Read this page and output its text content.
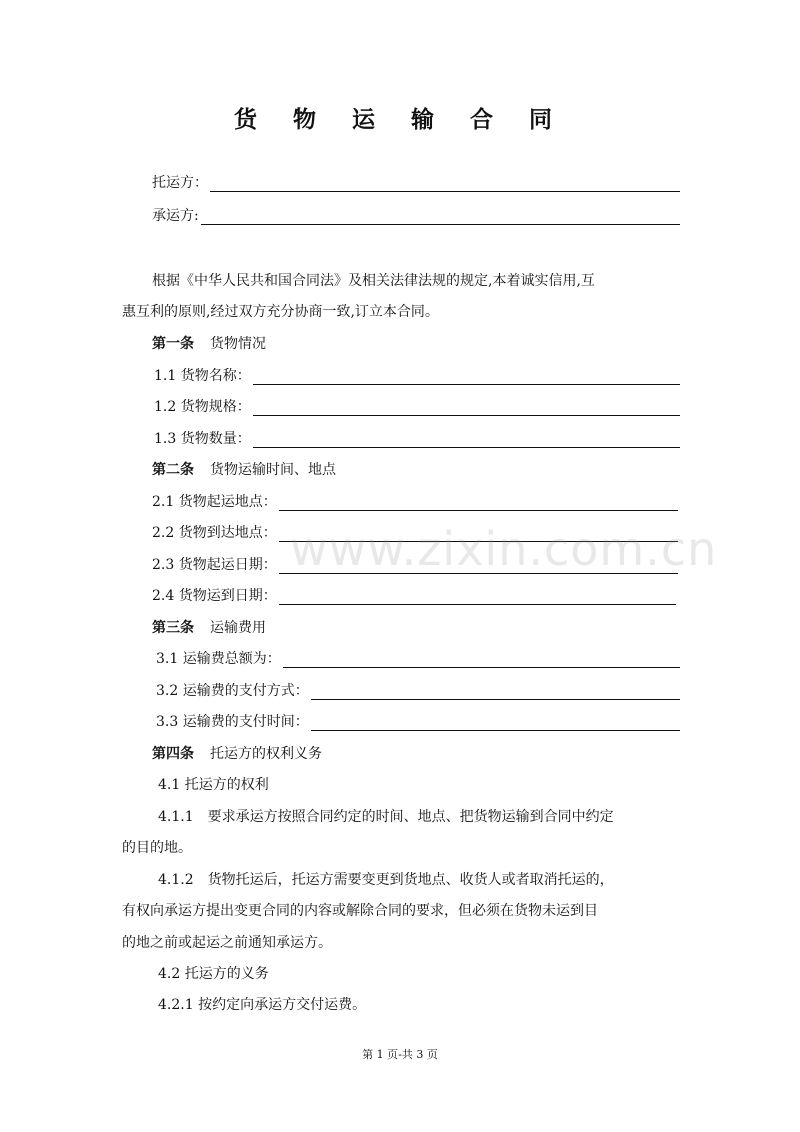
货 物 运 输 合 同
托运方：
承运方:
根据《中华人民共和国合同法》及相关法律法规的规定,本着诚实信用,互
惠互利的原则,经过双方充分协商一致,订立本合同。
第一条 货物情况
1.1 货物名称：
1.2 货物规格：
1.3 货物数量：
第二条 货物运输时间、地点
2.1 货物起运地点：
2.2 货物到达地点：
2.3 货物起运日期：
2.4 货物运到日期：
第三条 运输费用
3.1 运输费总额为：
3.2 运输费的支付方式：
3.3 运输费的支付时间：
第四条 托运方的权利义务
4.1 托运方的权利
4.1.1　要求承运方按照合同约定的时间、地点、把货物运输到合同中约定
的目的地。
4.1.2　货物托运后，托运方需要变更到货地点、收货人或者取消托运的，
有权向承运方提出变更合同的内容或解除合同的要求，但必须在货物未运到目
的地之前或起运之前通知承运方。
4.2 托运方的义务
4.2.1 按约定向承运方交付运费。
www.zixin.com.cn
第 1 页-共 3 页
